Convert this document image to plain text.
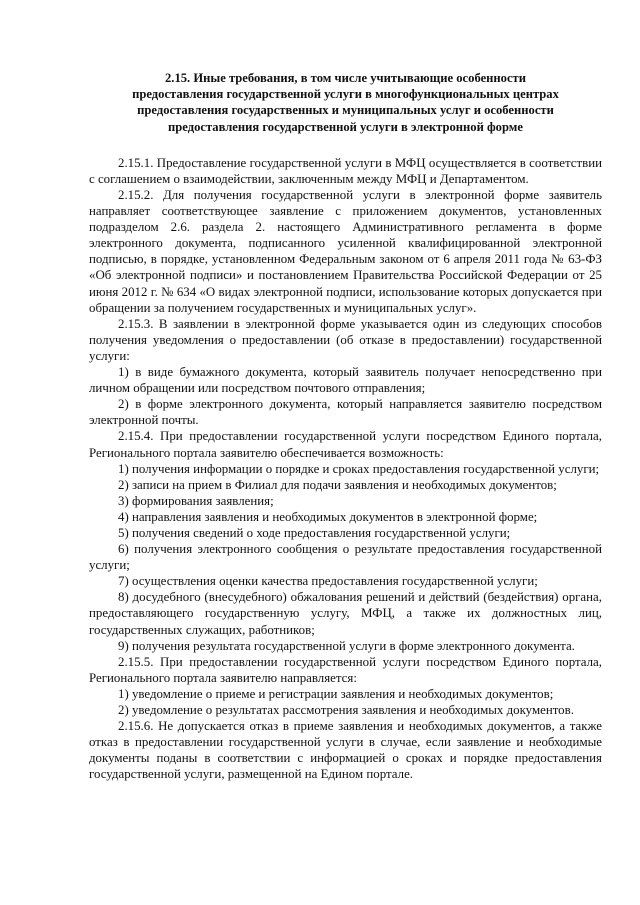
2.15. Иные требования, в том числе учитывающие особенности
предоставления государственной услуги в многофункциональных центрах
предоставления государственных и муниципальных услуг и особенности
предоставления государственной услуги в электронной форме

2.15.1. Предоставление государственной услуги в МФЦ осуществляется в соответствии с соглашением о взаимодействии, заключенным между МФЦ и Департаментом.

2.15.2. Для получения государственной услуги в электронной форме заявитель направляет соответствующее заявление с приложением документов, установленных подразделом 2.6. раздела 2. настоящего Административного регламента в форме электронного документа, подписанного усиленной квалифицированной электронной подписью, в порядке, установленном Федеральным законом от 6 апреля 2011 года № 63-ФЗ «Об электронной подписи» и постановлением Правительства Российской Федерации от 25 июня 2012 г. № 634 «О видах электронной подписи, использование которых допускается при обращении за получением государственных и муниципальных услуг».

2.15.3. В заявлении в электронной форме указывается один из следующих способов получения уведомления о предоставлении (об отказе в предоставлении) государственной услуги:

1) в виде бумажного документа, который заявитель получает непосредственно при личном обращении или посредством почтового отправления;

2) в форме электронного документа, который направляется заявителю посредством электронной почты.

2.15.4. При предоставлении государственной услуги посредством Единого портала, Регионального портала заявителю обеспечивается возможность:

1) получения информации о порядке и сроках предоставления государственной услуги;

2) записи на прием в Филиал для подачи заявления и необходимых документов;

3) формирования заявления;

4) направления заявления и необходимых документов в электронной форме;

5) получения сведений о ходе предоставления государственной услуги;

6) получения электронного сообщения о результате предоставления государственной услуги;

7) осуществления оценки качества предоставления государственной услуги;

8) досудебного (внесудебного) обжалования решений и действий (бездействия) органа, предоставляющего государственную услугу, МФЦ, а также их должностных лиц, государственных служащих, работников;

9) получения результата государственной услуги в форме электронного документа.

2.15.5. При предоставлении государственной услуги посредством Единого портала, Регионального портала заявителю направляется:

1) уведомление о приеме и регистрации заявления и необходимых документов;

2) уведомление о результатах рассмотрения заявления и необходимых документов.

2.15.6. Не допускается отказ в приеме заявления и необходимых документов, а также отказ в предоставлении государственной услуги в случае, если заявление и необходимые документы поданы в соответствии с информацией о сроках и порядке предоставления государственной услуги, размещенной на Едином портале.
